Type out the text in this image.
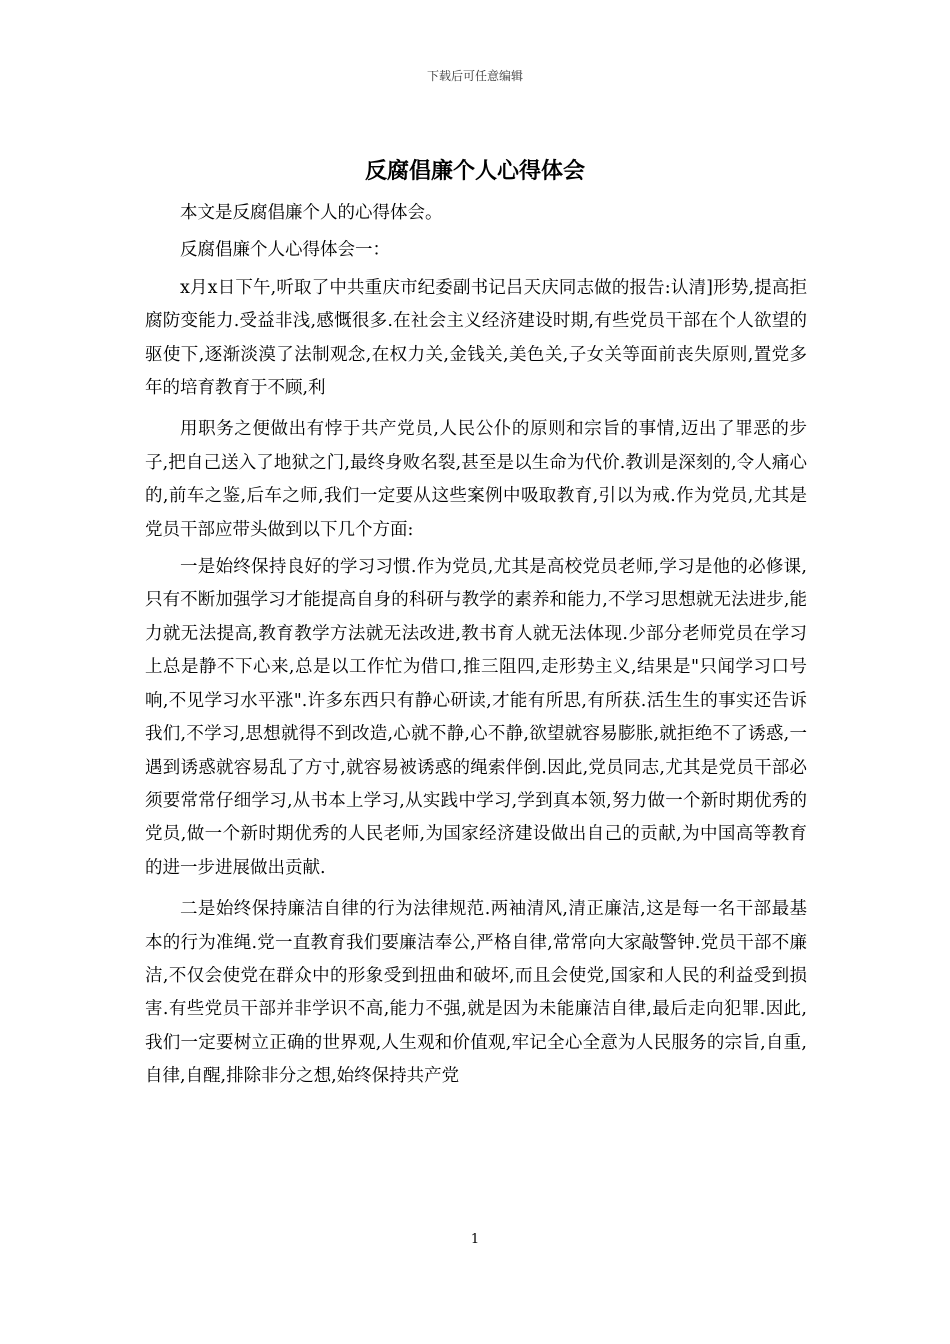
下载后可任意编辑
反腐倡廉个人心得体会

本文是反腐倡廉个人的心得体会。

反腐倡廉个人心得体会一：

x月x日下午,听取了中共重庆市纪委副书记吕天庆同志做的报告:认清]形势,提高拒腐防变能力.受益非浅,感慨很多.在社会主义经济建设时期,有些党员干部在个人欲望的驱使下,逐渐淡漠了法制观念,在权力关,金钱关,美色关,子女关等面前丧失原则,置党多年的培育教育于不顾,利

用职务之便做出有悖于共产党员,人民公仆的原则和宗旨的事情,迈出了罪恶的步子,把自己送入了地狱之门,最终身败名裂,甚至是以生命为代价.教训是深刻的,令人痛心的,前车之鉴,后车之师,我们一定要从这些案例中吸取教育,引以为戒.作为党员,尤其是党员干部应带头做到以下几个方面:

一是始终保持良好的学习习惯.作为党员,尤其是高校党员老师,学习是他的必修课,只有不断加强学习才能提高自身的科研与教学的素养和能力,不学习思想就无法进步,能力就无法提高,教育教学方法就无法改进,教书育人就无法体现.少部分老师党员在学习上总是静不下心来,总是以工作忙为借口,推三阻四,走形势主义,结果是"只闻学习口号响,不见学习水平涨".许多东西只有静心研读,才能有所思,有所获.活生生的事实还告诉我们,不学习,思想就得不到改造,心就不静,心不静,欲望就容易膨胀,就拒绝不了诱惑,一遇到诱惑就容易乱了方寸,就容易被诱惑的绳索伴倒.因此,党员同志,尤其是党员干部必须要常常仔细学习,从书本上学习,从实践中学习,学到真本领,努力做一个新时期优秀的党员,做一个新时期优秀的人民老师,为国家经济建设做出自己的贡献,为中国高等教育的进一步进展做出贡献.

二是始终保持廉洁自律的行为法律规范.两袖清风,清正廉洁,这是每一名干部最基本的行为准绳.党一直教育我们要廉洁奉公,严格自律,常常向大家敲警钟.党员干部不廉洁,不仅会使党在群众中的形象受到扭曲和破坏,而且会使党,国家和人民的利益受到损害.有些党员干部并非学识不高,能力不强,就是因为未能廉洁自律,最后走向犯罪.因此,我们一定要树立正确的世界观,人生观和价值观,牢记全心全意为人民服务的宗旨,自重,自律,自醒,排除非分之想,始终保持共产党

1
